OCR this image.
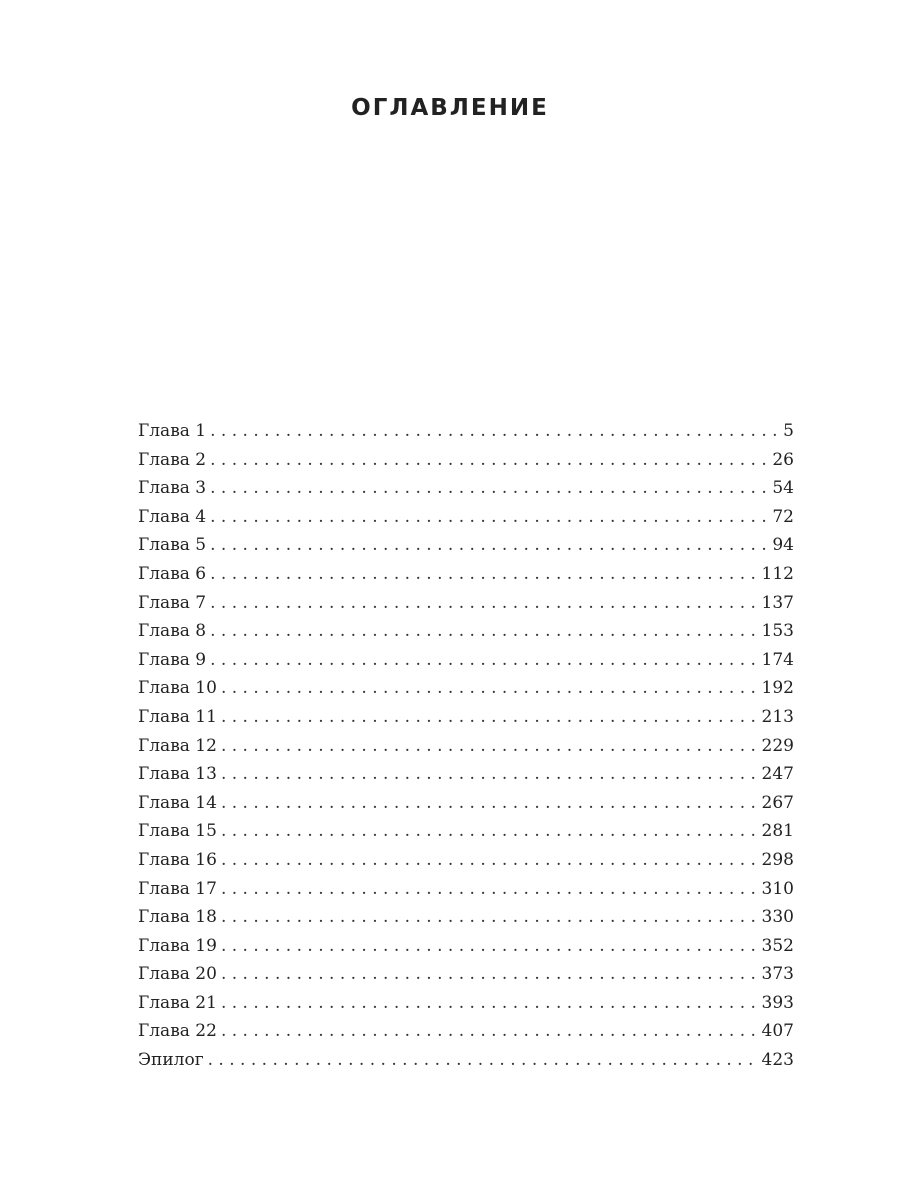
ОГЛАВЛЕНИЕ
Глава 1 . . .	5
Глава 2 . . .	26
Глава 3 . . .	54
Глава 4 . . .	72
Глава 5 . . .	94
Глава 6 . . .	112
Глава 7 . . .	137
Глава 8 . . .	153
Глава 9 . . .	174
Глава 10 . . .	192
Глава 11 . . .	213
Глава 12 . . .	229
Глава 13 . . .	247
Глава 14 . . .	267
Глава 15 . . .	281
Глава 16 . . .	298
Глава 17 . . .	310
Глава 18 . . .	330
Глава 19 . . .	352
Глава 20 . . .	373
Глава 21 . . .	393
Глава 22 . . .	407
Эпилог . . .	423
